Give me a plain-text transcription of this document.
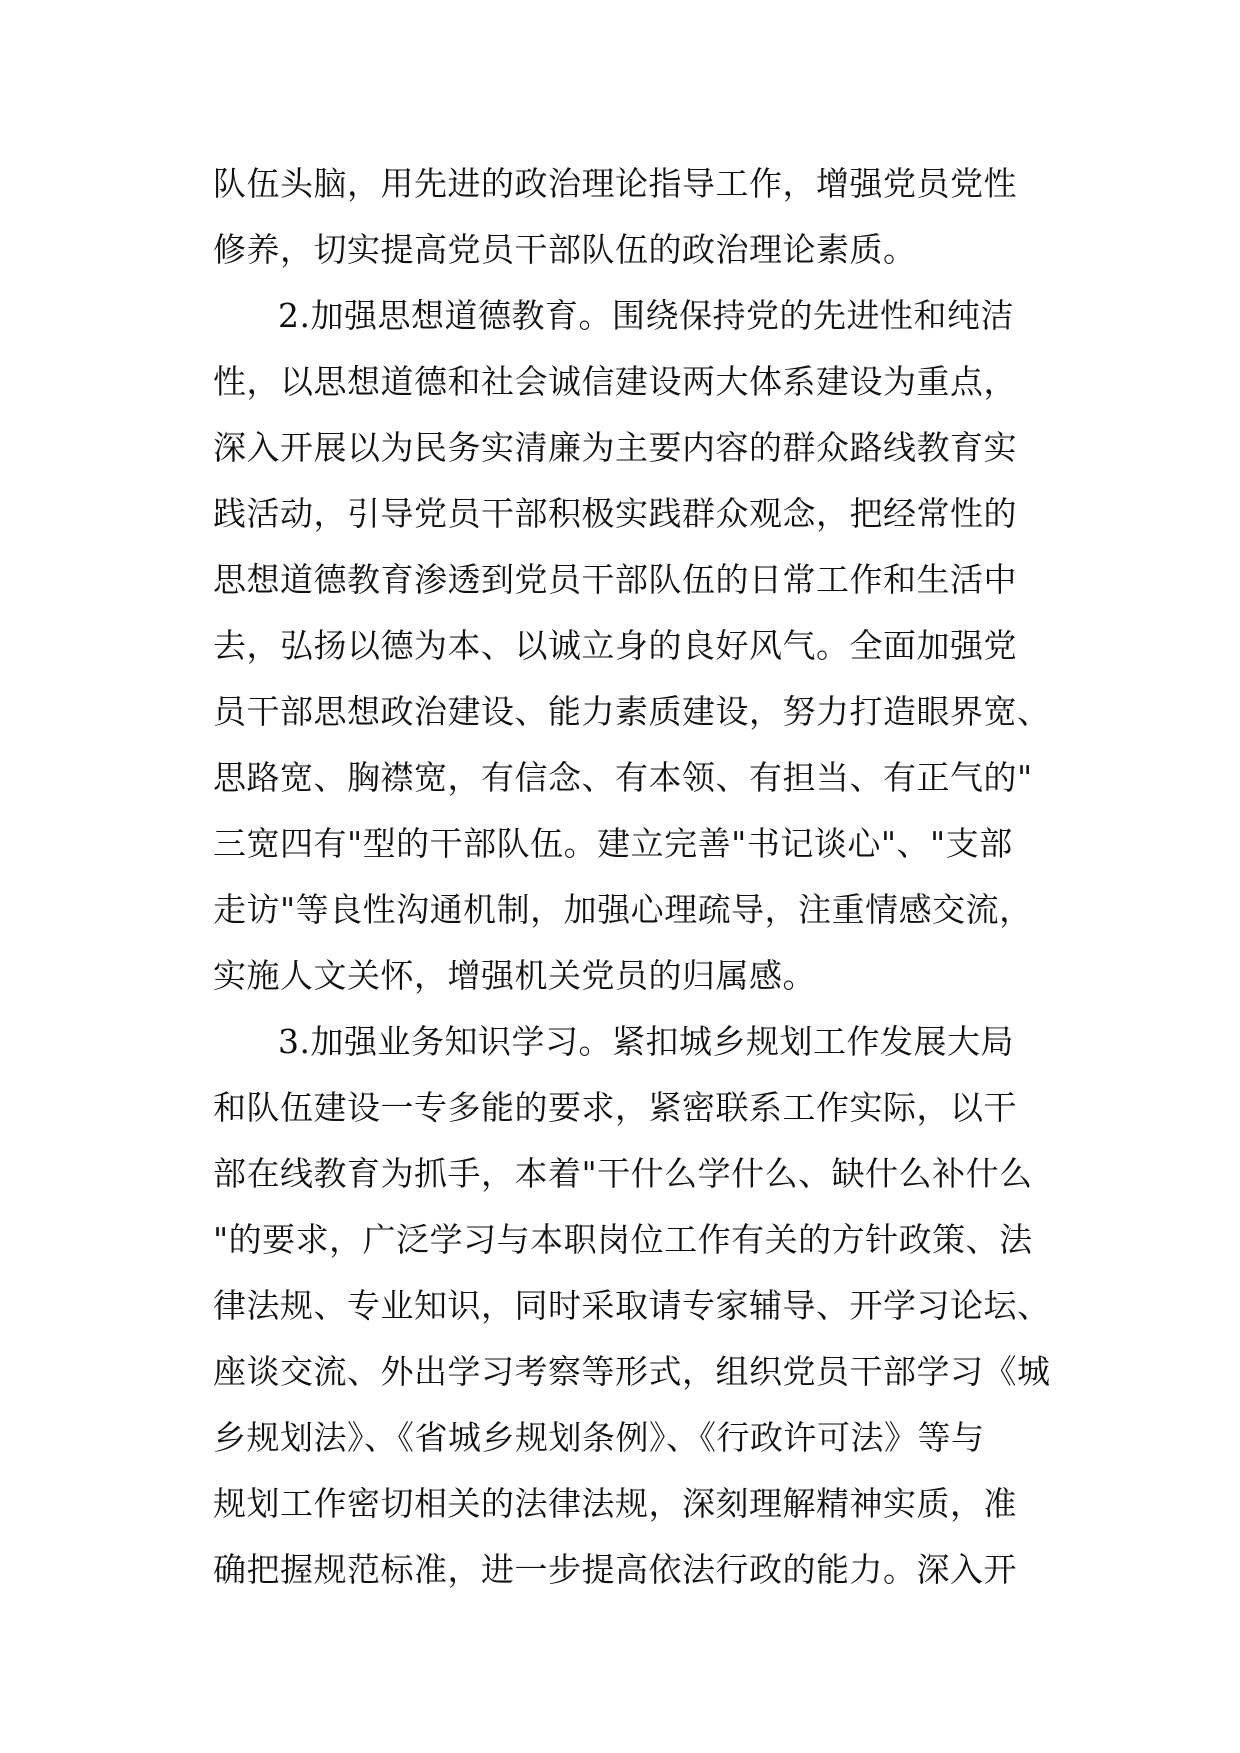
队伍头脑，用先进的政治理论指导工作，增强党员党性
修养，切实提高党员干部队伍的政治理论素质。
2.加强思想道德教育。围绕保持党的先进性和纯洁
性，以思想道德和社会诚信建设两大体系建设为重点，
深入开展以为民务实清廉为主要内容的群众路线教育实
践活动，引导党员干部积极实践群众观念，把经常性的
思想道德教育渗透到党员干部队伍的日常工作和生活中
去，弘扬以德为本、以诚立身的良好风气。全面加强党
员干部思想政治建设、能力素质建设，努力打造眼界宽、
思路宽、胸襟宽，有信念、有本领、有担当、有正气的"
三宽四有"型的干部队伍。建立完善"书记谈心"、"支部
走访"等良性沟通机制，加强心理疏导，注重情感交流，
实施人文关怀，增强机关党员的归属感。
3.加强业务知识学习。紧扣城乡规划工作发展大局
和队伍建设一专多能的要求，紧密联系工作实际，以干
部在线教育为抓手，本着"干什么学什么、缺什么补什么
"的要求，广泛学习与本职岗位工作有关的方针政策、法
律法规、专业知识，同时采取请专家辅导、开学习论坛、
座谈交流、外出学习考察等形式，组织党员干部学习《城
乡规划法》、《省城乡规划条例》、《行政许可法》等与
规划工作密切相关的法律法规，深刻理解精神实质，准
确把握规范标准，进一步提高依法行政的能力。深入开
